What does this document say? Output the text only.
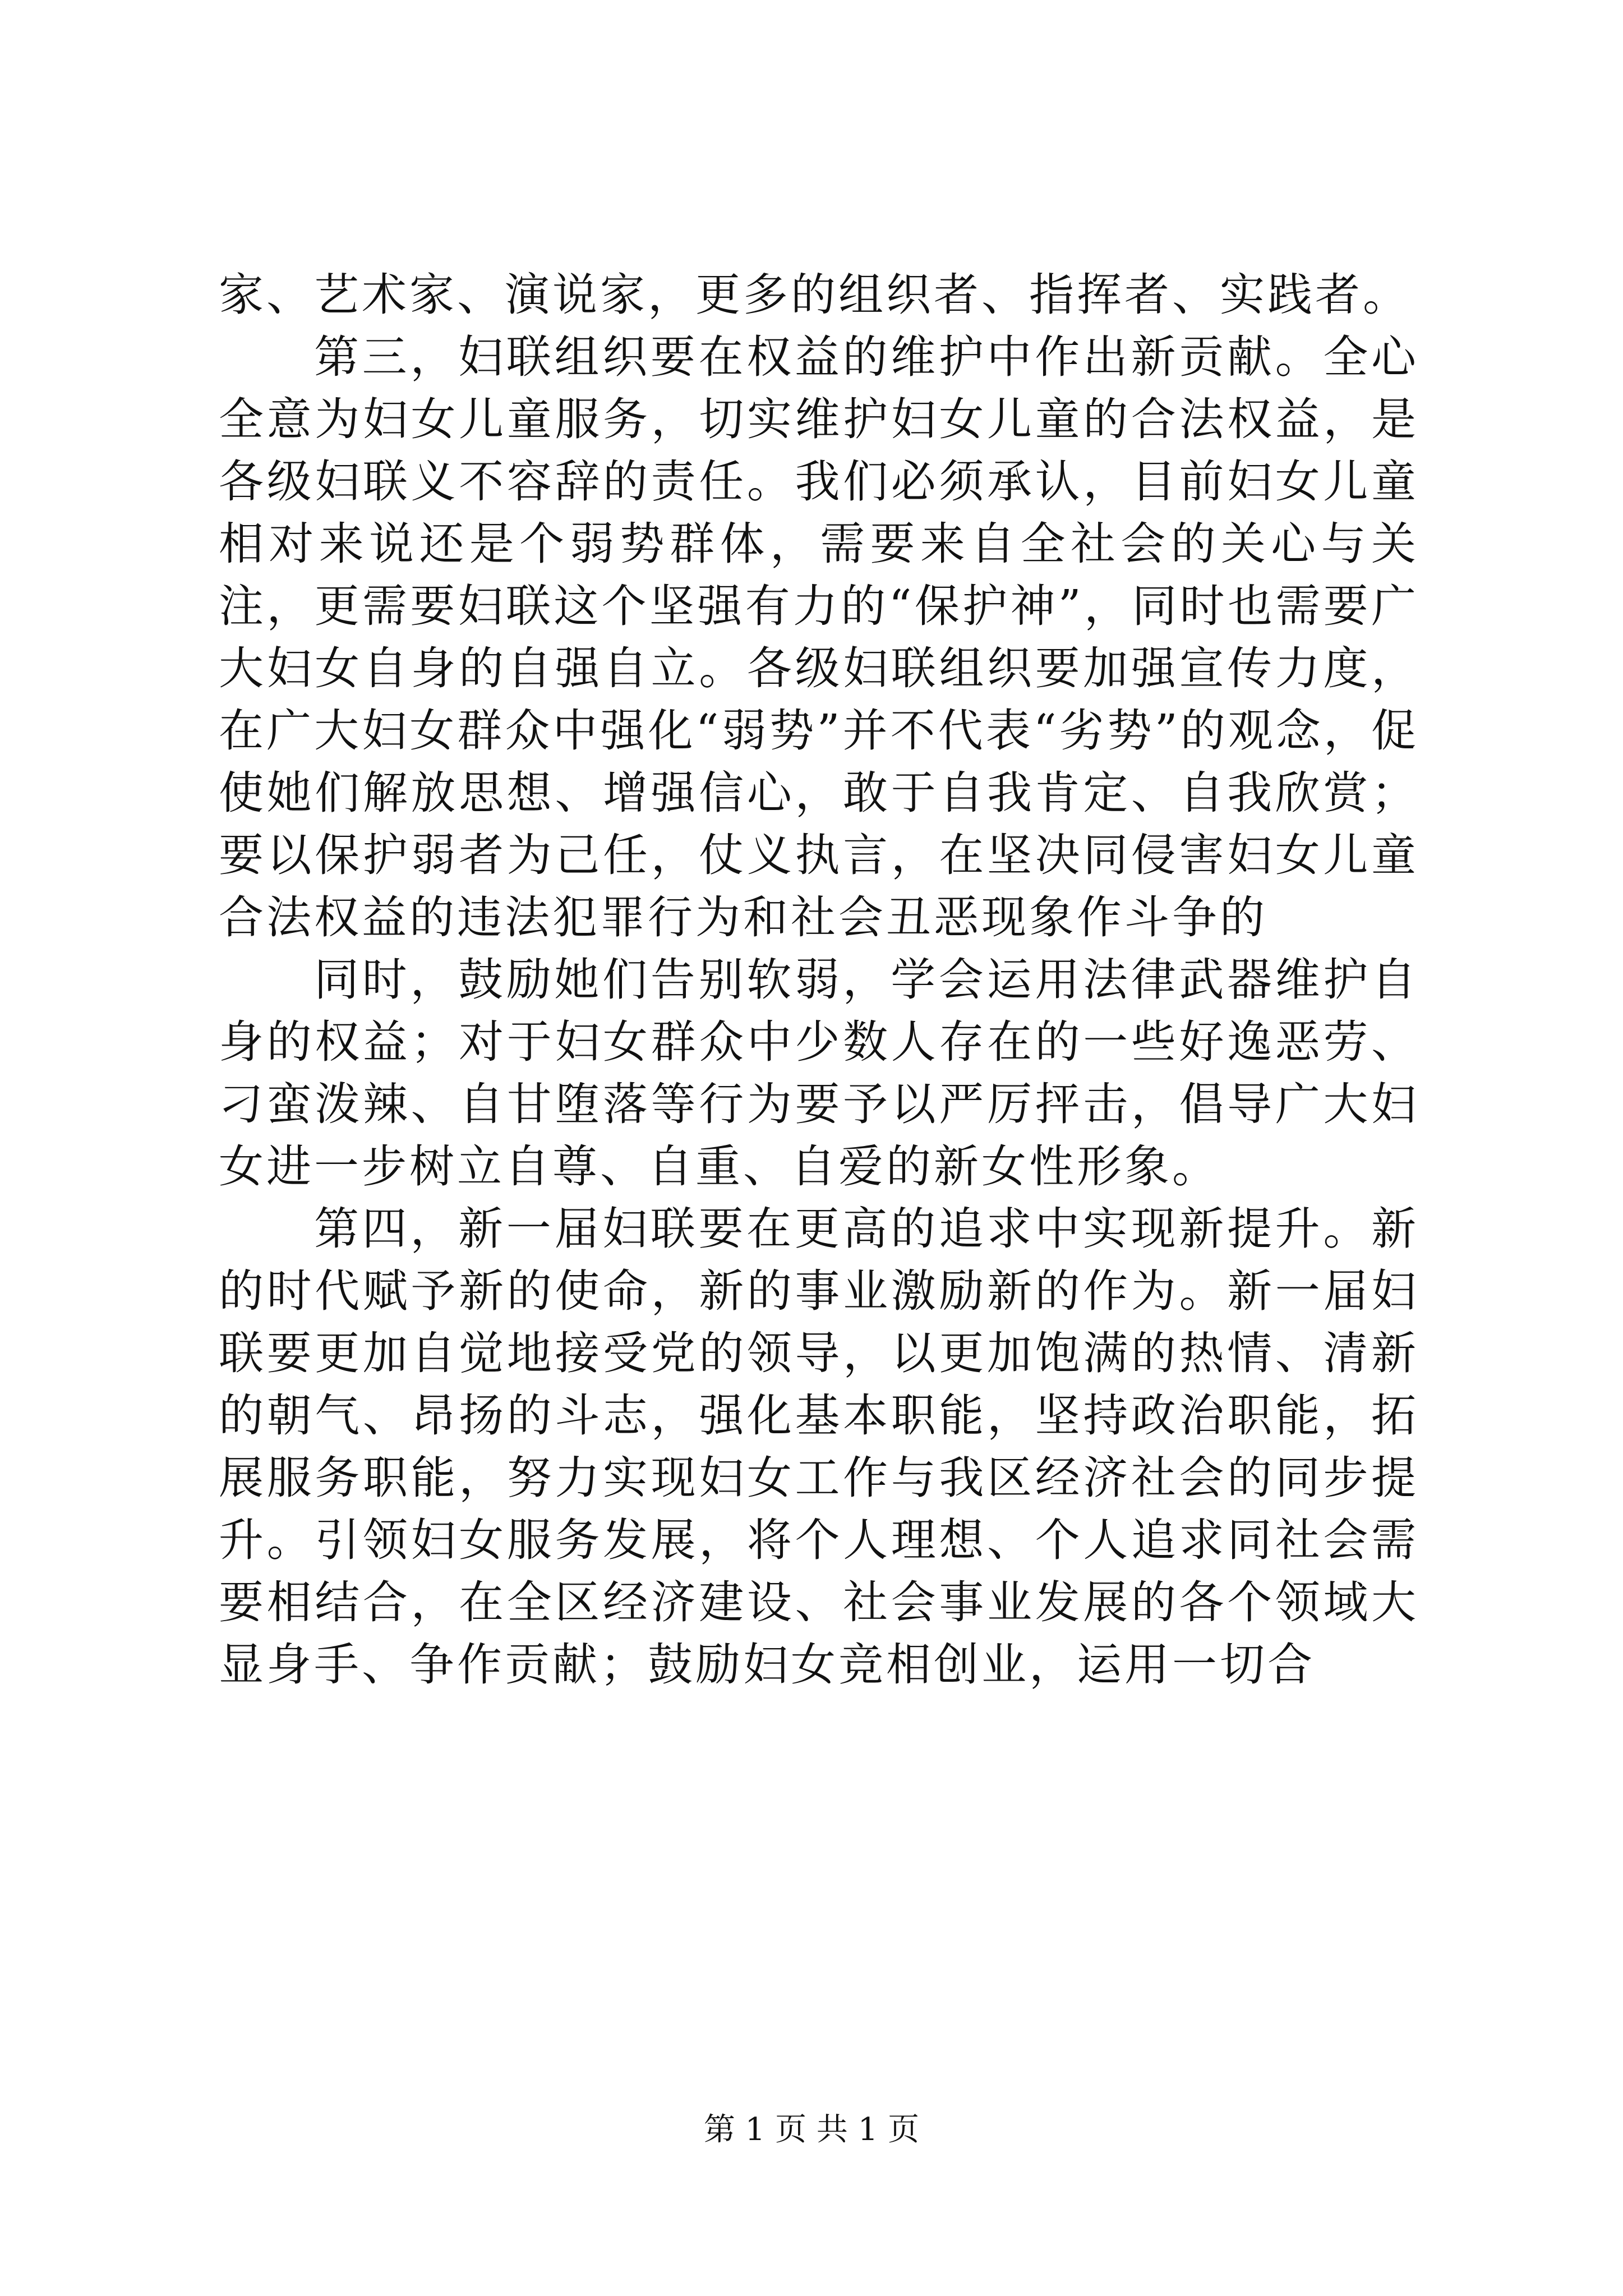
家、艺术家、演说家，更多的组织者、指挥者、实践者。

第三，妇联组织要在权益的维护中作出新贡献。全心全意为妇女儿童服务，切实维护妇女儿童的合法权益，是各级妇联义不容辞的责任。我们必须承认，目前妇女儿童相对来说还是个弱势群体，需要来自全社会的关心与关注，更需要妇联这个坚强有力的“保护神”，同时也需要广大妇女自身的自强自立。各级妇联组织要加强宣传力度，在广大妇女群众中强化“弱势”并不代表“劣势”的观念，促使她们解放思想、增强信心，敢于自我肯定、自我欣赏；要以保护弱者为己任，仗义执言，在坚决同侵害妇女儿童合法权益的违法犯罪行为和社会丑恶现象作斗争的

同时，鼓励她们告别软弱，学会运用法律武器维护自身的权益；对于妇女群众中少数人存在的一些好逸恶劳、刁蛮泼辣、自甘堕落等行为要予以严厉抨击，倡导广大妇女进一步树立自尊、自重、自爱的新女性形象。

第四，新一届妇联要在更高的追求中实现新提升。新的时代赋予新的使命，新的事业激励新的作为。新一届妇联要更加自觉地接受党的领导，以更加饱满的热情、清新的朝气、昂扬的斗志，强化基本职能，坚持政治职能，拓展服务职能，努力实现妇女工作与我区经济社会的同步提升。引领妇女服务发展，将个人理想、个人追求同社会需要相结合，在全区经济建设、社会事业发展的各个领域大显身手、争作贡献；鼓励妇女竞相创业，运用一切合

第 1 页 共 1 页
